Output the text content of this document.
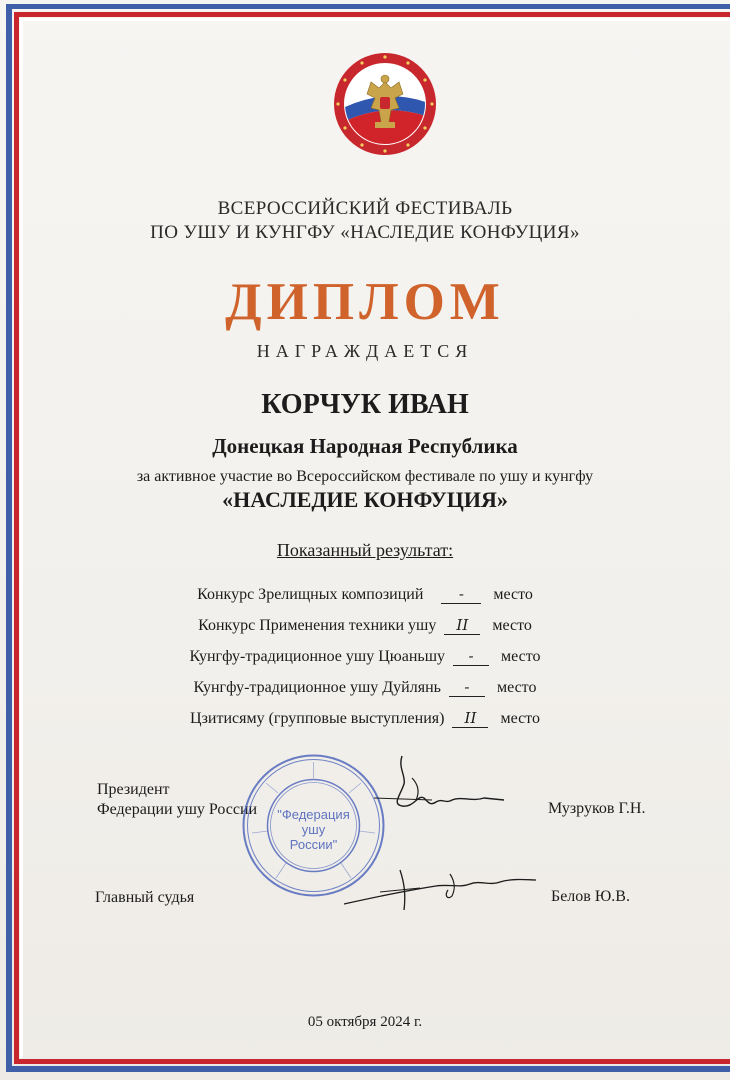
ВСЕРОССИЙСКИЙ ФЕСТИВАЛЬ
ПО УШУ И КУНГФУ «НАСЛЕДИЕ КОНФУЦИЯ»
ДИПЛОМ
НАГРАЖДАЕТСЯ
КОРЧУК ИВАН
Донецкая Народная Республика
за активное участие во Всероссийском фестивале по ушу и кунгфу
«НАСЛЕДИЕ КОНФУЦИЯ»
Показанный результат:
Конкурс Зрелищных композиций - место
Конкурс Применения техники ушу II место
Кунгфу-традиционное ушу Цюаньшу - место
Кунгфу-традиционное ушу Дуйлянь - место
Цзитисяму (групповые выступления) II место
Президент
Федерации ушу России	Музруков Г.Н.
Главный судья	Белов Ю.В.
"Федерация
ушу
России"
05 октября 2024 г.
